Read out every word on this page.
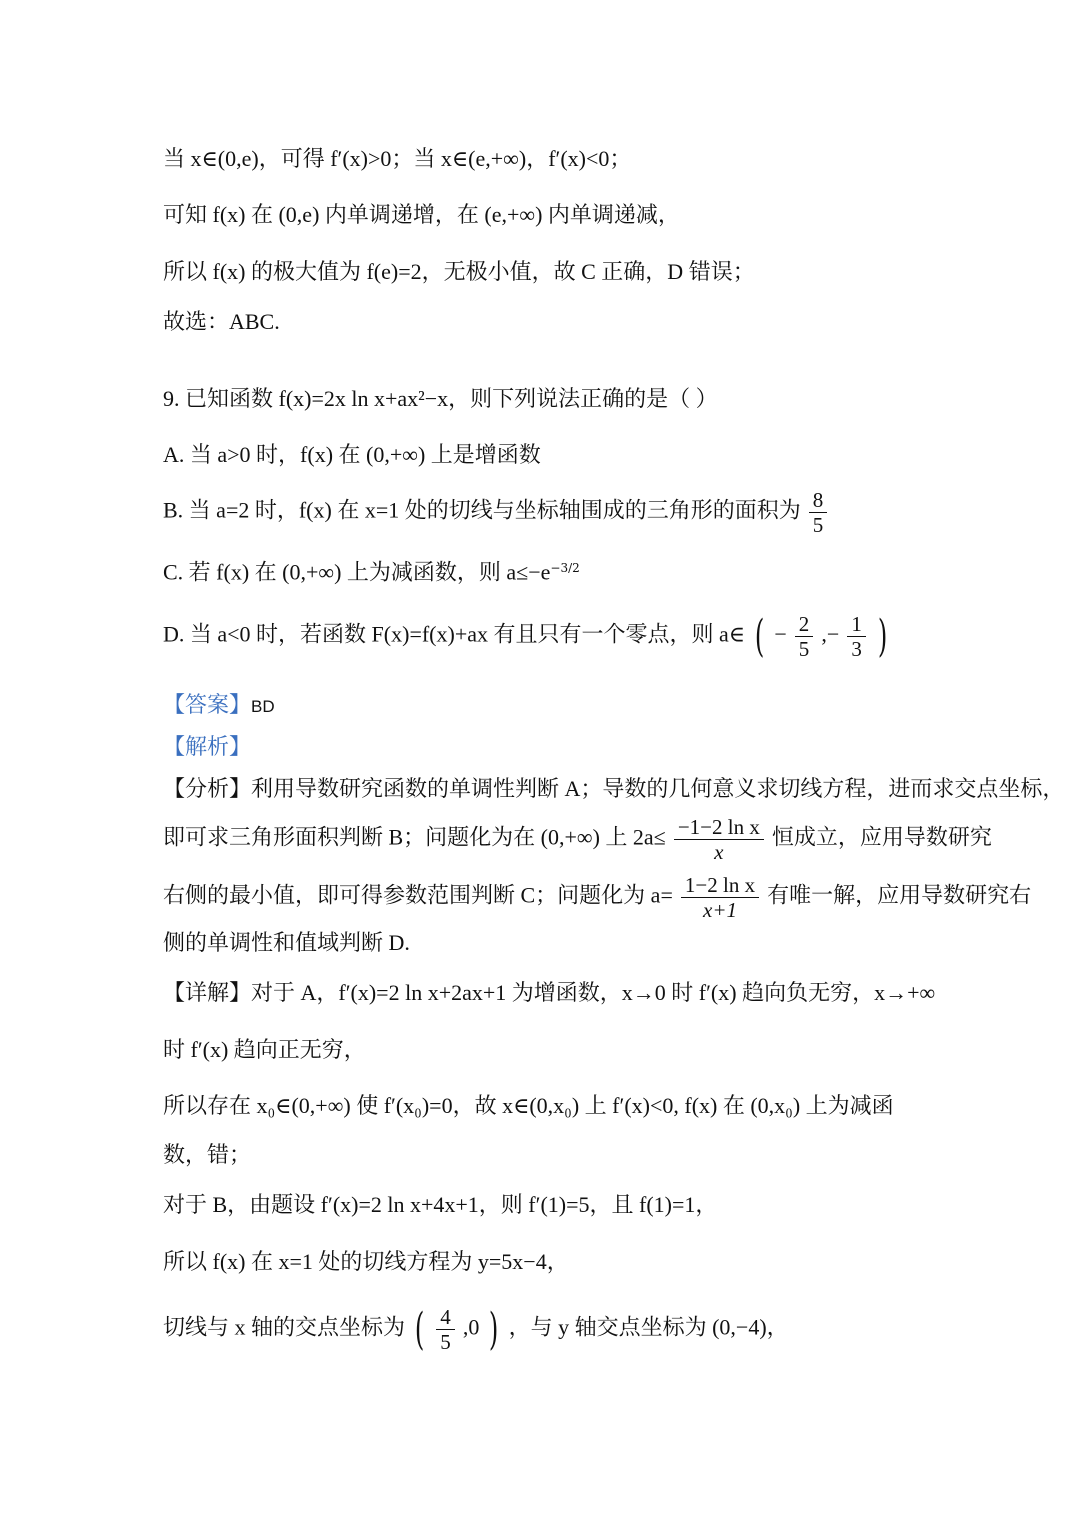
当 x∈(0,e)，可得 f′(x)>0；当 x∈(e,+∞)，f′(x)<0；
可知 f(x) 在 (0,e) 内单调递增，在 (e,+∞) 内单调递减，
所以 f(x) 的极大值为 f(e)=2，无极小值，故 C 正确，D 错误；
故选：ABC.
9. 已知函数 f(x)=2x ln x+ax²−x，则下列说法正确的是（ ）
A. 当 a>0 时，f(x) 在 (0,+∞) 上是增函数
B. 当 a=2 时，f(x) 在 x=1 处的切线与坐标轴围成的三角形的面积为 $\frac{8}{5}$
C. 若 f(x) 在 (0,+∞) 上为减函数，则 $a\le-e^{-3/2}$
D. 当 a<0 时，若函数 F(x)=f(x)+ax 有且只有一个零点，则 a∈ ( − $\frac{2}{5}$ ,− $\frac{1}{3}$ )
【答案】BD
【解析】
【分析】利用导数研究函数的单调性判断 A；导数的几何意义求切线方程，进而求交点坐标，
即可求三角形面积判断 B；问题化为在 (0,+∞) 上 $2a\le \frac{\text{−1−2 ln x}}{x}$ 恒成立，应用导数研究
右侧的最小值，即可得参数范围判断 C；问题化为 $a= \frac{\text{1−2 ln x}}{x+1}$ 有唯一解，应用导数研究右
侧的单调性和值域判断 D.
【详解】对于 A，f′(x)=2 ln x+2ax+1 为增函数，x→0 时 f′(x) 趋向负无穷，x→+∞
时 f′(x) 趋向正无穷，
所以存在 x₀∈(0,+∞) 使 f′(x₀)=0，故 x∈(0,x₀) 上 f′(x)<0, f(x) 在 (0,x₀) 上为减函
数，错；
对于 B，由题设 f′(x)=2 ln x+4x+1，则 f′(1)=5，且 f(1)=1，
所以 f(x) 在 x=1 处的切线方程为 y=5x−4，
切线与 x 轴的交点坐标为 ( $\frac{4}{5} ,0$ ) ，与 y 轴交点坐标为 (0,−4)，
